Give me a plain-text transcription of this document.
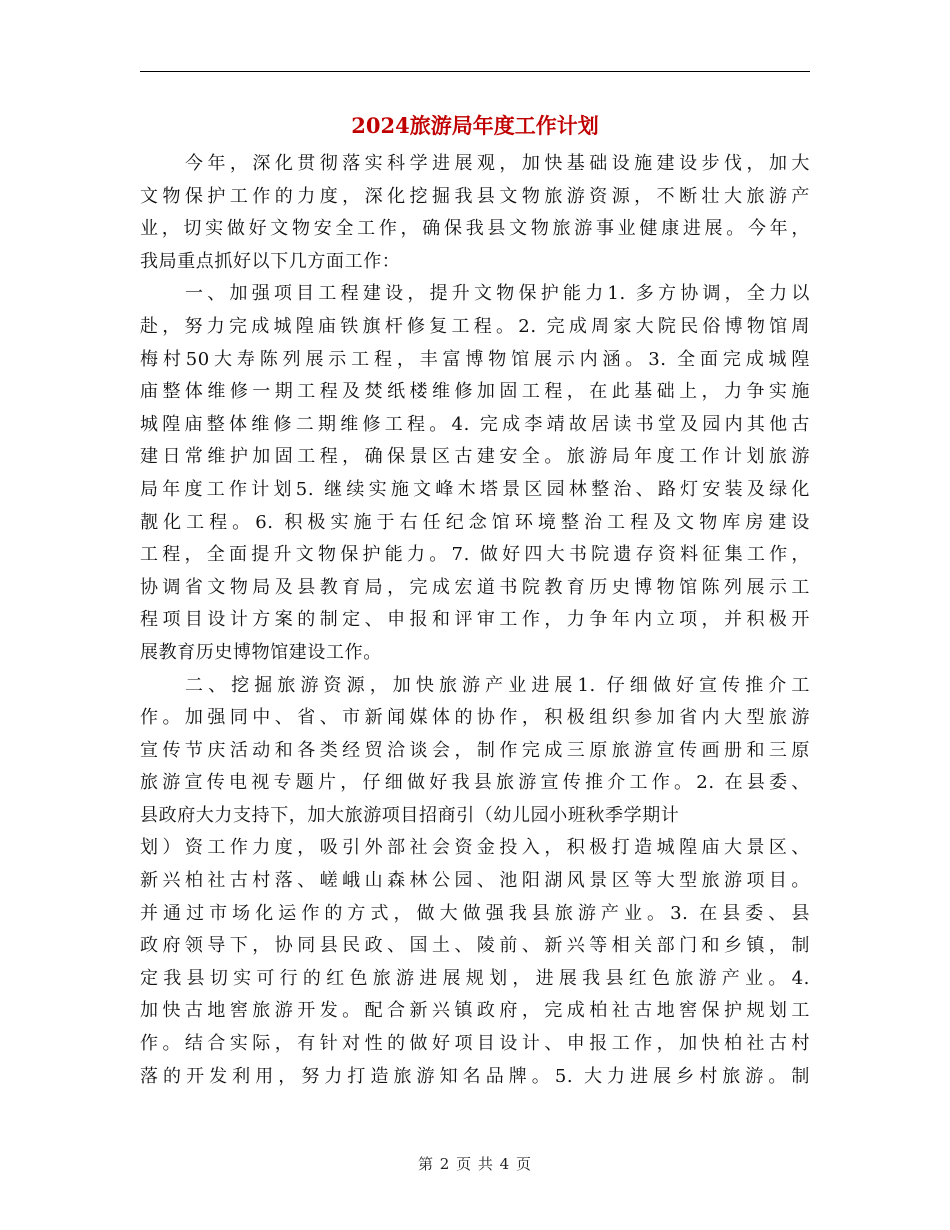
2024旅游局年度工作计划
今年，深化贯彻落实科学进展观，加快基础设施建设步伐，加大
文物保护工作的力度，深化挖掘我县文物旅游资源，不断壮大旅游产
业，切实做好文物安全工作，确保我县文物旅游事业健康进展。今年，
我局重点抓好以下几方面工作：
一、加强项目工程建设，提升文物保护能力1. 多方协调，全力以
赴，努力完成城隍庙铁旗杆修复工程。2. 完成周家大院民俗博物馆周
梅村50大寿陈列展示工程，丰富博物馆展示内涵。3. 全面完成城隍
庙整体维修一期工程及焚纸楼维修加固工程，在此基础上，力争实施
城隍庙整体维修二期维修工程。4. 完成李靖故居读书堂及园内其他古
建日常维护加固工程，确保景区古建安全。旅游局年度工作计划旅游
局年度工作计划5. 继续实施文峰木塔景区园林整治、路灯安装及绿化
靓化工程。6. 积极实施于右任纪念馆环境整治工程及文物库房建设
工程，全面提升文物保护能力。7. 做好四大书院遗存资料征集工作，
协调省文物局及县教育局，完成宏道书院教育历史博物馆陈列展示工
程项目设计方案的制定、申报和评审工作，力争年内立项，并积极开
展教育历史博物馆建设工作。
二、挖掘旅游资源，加快旅游产业进展1. 仔细做好宣传推介工
作。加强同中、省、市新闻媒体的协作，积极组织参加省内大型旅游
宣传节庆活动和各类经贸洽谈会，制作完成三原旅游宣传画册和三原
旅游宣传电视专题片，仔细做好我县旅游宣传推介工作。2. 在县委、
县政府大力支持下，加大旅游项目招商引（幼儿园小班秋季学期计
划）资工作力度，吸引外部社会资金投入，积极打造城隍庙大景区、
新兴柏社古村落、嵯峨山森林公园、池阳湖风景区等大型旅游项目。
并通过市场化运作的方式，做大做强我县旅游产业。3. 在县委、县
政府领导下，协同县民政、国土、陵前、新兴等相关部门和乡镇，制
定我县切实可行的红色旅游进展规划，进展我县红色旅游产业。4.
加快古地窖旅游开发。配合新兴镇政府，完成柏社古地窖保护规划工
作。结合实际，有针对性的做好项目设计、申报工作，加快柏社古村
落的开发利用，努力打造旅游知名品牌。5. 大力进展乡村旅游。制
第 2 页 共 4 页
